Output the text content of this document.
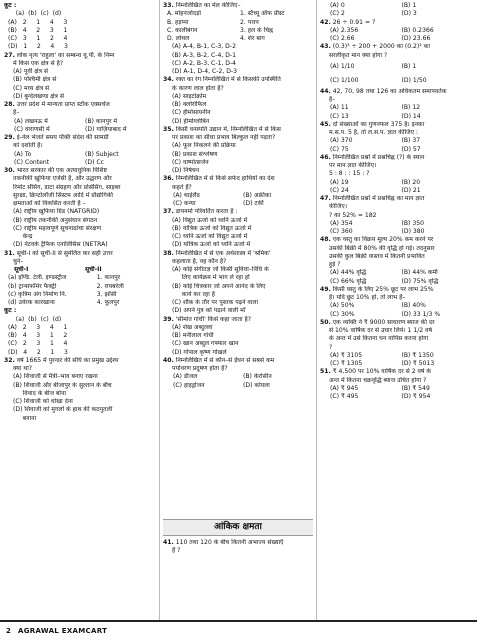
कूट :
(a)  (b)  (c)  (d)
(A)   2     1     4     3
(B)   4     2     3     1
(C)   3     1     2     4
(D)   1     2     4     3
27. लोक नृत्य 'राहुला' का सम्बन्ध यू.पी. के निम्न
में किस एक क्षेत्र से है?
(A) पूर्वी क्षेत्र से
(B) पश्चिमी क्षेत्र से
(C) मध्य क्षेत्र से
(D) बुन्देलखण्ड क्षेत्र से
28. उत्तर प्रदेश में मान्यता प्राप्त स्टॉक एक्सचेंज
है–
(A) लखनऊ में	(B) कानपुर में
(C) वाराणसी में	(D) गाज़ियाबाद में
29. ई-नेल भेजते समय पंक्ति संदेश की सामग्री
को दर्शाती है।
(A) To	(B) Subject
(C) Content	(D) Cc
30. भारत सरकार की एक अत्याधुनिक विशिष्ट
तकनीकी खुफिया एजेंसी है, और उद्धरण और
रिमोट सेंसिंग, डाटा संग्रहण और प्रोसेसिंग, साइबर
सुरक्षा, क्रिप्टोलॉजी सिस्टम आदि में प्रौद्योगिकी
क्षमताओं को विकसित करती है –
(A) राष्ट्रीय खुफिया ग्रिड (NATGRID)
(B) राष्ट्रीय तकनीकी अनुसंधान संगठन
(C) राष्ट्रीय महत्वपूर्ण सूचनाढांचा संरक्षण
केन्द्र
(D) नेटवर्क ट्रैफिक एनालिसिस (NETRA)
31. सूची-I को सूची-II से सुमेलित कर सही उत्तर
चुने–
सूची-I	सूची-II
(a) इण्डि. टेली. इण्डस्ट्रीज	1. कानपुर
(b) ट्रान्सफॉर्मर फैक्ट्री	2. रायबरेली
(c) कृत्रिम अंग निर्माण नि.	3. झाँसी
(d) उर्वरक कारखाना	4. फूलपुर
कूट :
(a)  (b)  (c)  (d)
(A)   2     3     4     1
(B)   4     3     1     2
(C)   2     3     1     4
(D)   4     2     1     3
32. वर्ष 1665 में पुरन्दर की संधि का प्रमुख उद्देश्य
क्या था?
(A) शिवाजी से मैत्री–भाव बनाए रखना
(B) शिवाजी और बीजापुर के सुल्तान के बीच
विवाद के बीज बोना
(C) शिवाजी को धोखा देना
(D) शिवाजी को मुगलों के हाथ की कठपुतली
बनाना
33. निम्नलिखित का मेल कीजिए–
A. मोहनजोदड़ो	1. स्टैच्यू ऑफ प्रीस्ट
B. हड़प्पा	2. पत्तन
C. कालीबंगन	3. हल के चिह्न
D. लोथल	4. शेर बाग
(A) A-4, B-1, C-3, D-2
(B) A-3, B-2, C-4, D-1
(C) A-2, B-3, C-1, D-4
(D) A-1, D-4, C-2, D-3
34. रक्त का रंग निम्नलिखित में से किसकी उपस्थिति
के कारण लाल होता है?
(A) साइटोक्रोम
(B) क्लोरोफिल
(C) हीमोसायनीन
(D) हीमोग्लोबिन
35. किसी वनस्पति उद्यान में, निम्नलिखित में से किस
पर प्रकाश का सीधा प्रभाव बिल्कुल नहीं पड़ता?
(A) फूल निकलने की प्रक्रिया
(B) प्रकाश संश्लेषण
(C) वाष्पोत्सर्जन
(D) निषेचन
36. निम्नलिखित में से किसे सफेद हाथियों का देश
कहते हैं?
(A) थाईलैंड	(B) अफ्रीका
(C) कन्या	(D) टर्की
37. डायनमो परिवर्तित करता है :
(A) विद्युत ऊर्जा को ध्वनि ऊर्जा में
(B) यांत्रिक ऊर्जा को विद्युत ऊर्जा में
(C) ध्वनि ऊर्जा को विद्युत ऊर्जा में
(D) यांत्रिक ऊर्जा को ध्वनि ऊर्जा में
38. निम्नलिखित में से एक अर्थशास्त्र में 'श्रमिक'
कहलाता है, वह कौन है?
(A) कोई संगीतज्ञ जो किसी सुविधा–निधि के
लिए कार्यक्रम में भाग ले रहा हो
(B) कोई चित्रकार जो अपने आनंद के लिए
कार्य कर रहा है
(C) शौक के तौर पर पुस्तक पढ़ने वाला
(D) अपने पुत्र को पढ़ाने वाली माँ
39. 'सीमांत गांधी' किसे कहा जाता है?
(A) शेख अब्दुल्ला
(B) मनीलाल गांधी
(C) खान अब्दुल गफ्फार खान
(D) गोपाल कृष्ण गोखले
40. निम्नलिखित में से कौन–से ईंधन से सबसे कम
पर्यावरण प्रदूषण होता है?
(A) डीजल	(B) केरोसीन
(C) हाइड्रोजन	(D) कोयला
आंकिक क्षमता
41. 110 तथा 120 के बीच कितनी अभाज्य संख्याएँ
हैं ?
(A) 0	(B) 1
(C) 2	(D) 3
42. 26 ÷ 0.91 = ?
(A) 2.356	(B) 0.2366
(C) 2.66	(D) 23.66
43. (0.3)³ ÷ 200 + 2000 का (0.2)² का
सरलीकृत मान क्या होगा ?
(A) 1/10	(B) 1
(C) 1/100	(D) 1/50
44. 42, 70, 98 तथा 126 का अधिकतम समापवर्तक
है–
(A) 11	(B) 12
(C) 13	(D) 14
45. दो संख्याओं का गुणनफल 375 है। इनका
म.स.प. 5 है, तो ल.स.प. ज्ञात कीजिए :
(A) 370	(B) 37
(C) 75	(D) 57
46. निम्नलिखित प्रश्नों में प्रश्नचिह्न (?) के स्थान
पर मान ज्ञात कीजिए।
5 : 8 : : 15 : ?
(A) 19	(B) 20
(C) 24	(D) 21
47. निम्नलिखित प्रश्नों में प्रश्नचिह्न का मान ज्ञात
कीजिए।
? का 52% = 182
(A) 354	(B) 350
(C) 360	(D) 380
48. एक वस्तु का विक्रय मूल्य 20% कम करने पर
उसकी बिक्री में 80% की वृद्धि हो गई। तदनुसार
उसकी कुल बिक्री वास्तव में कितनी प्रभावित
हुई ?
(A) 44% वृद्धि	(B) 44% कमी
(C) 66% वृद्धि	(D) 75% वृद्धि
49. किसी वस्तु के लिए 25% छूट पर लाभ 25%
है। यदि छूट 10% हो, तो लाभ है–
(A) 50%	(B) 40%
(C) 30%	(D) 33 1/3 %
50. एक व्यक्ति ने ₹ 9000 साधारण ब्याज की दर
से 10% वार्षिक दर से उधार लिये। 1 1/2 वर्ष
के अन्त में उसे कितना धन वापिस करना होगा
?
(A) ₹ 3105	(B) ₹ 1350
(C) ₹ 1305	(D) ₹ 5013
51. ₹ 4,500 पर 10% वार्षिक दर से 2 वर्ष के
अन्त में कितना चक्रवृद्धि ब्याज उचित होगा ?
(A) ₹ 945	(B) ₹ 549
(C) ₹ 495	(D) ₹ 954
2 AGRAWAL EXAMCART
